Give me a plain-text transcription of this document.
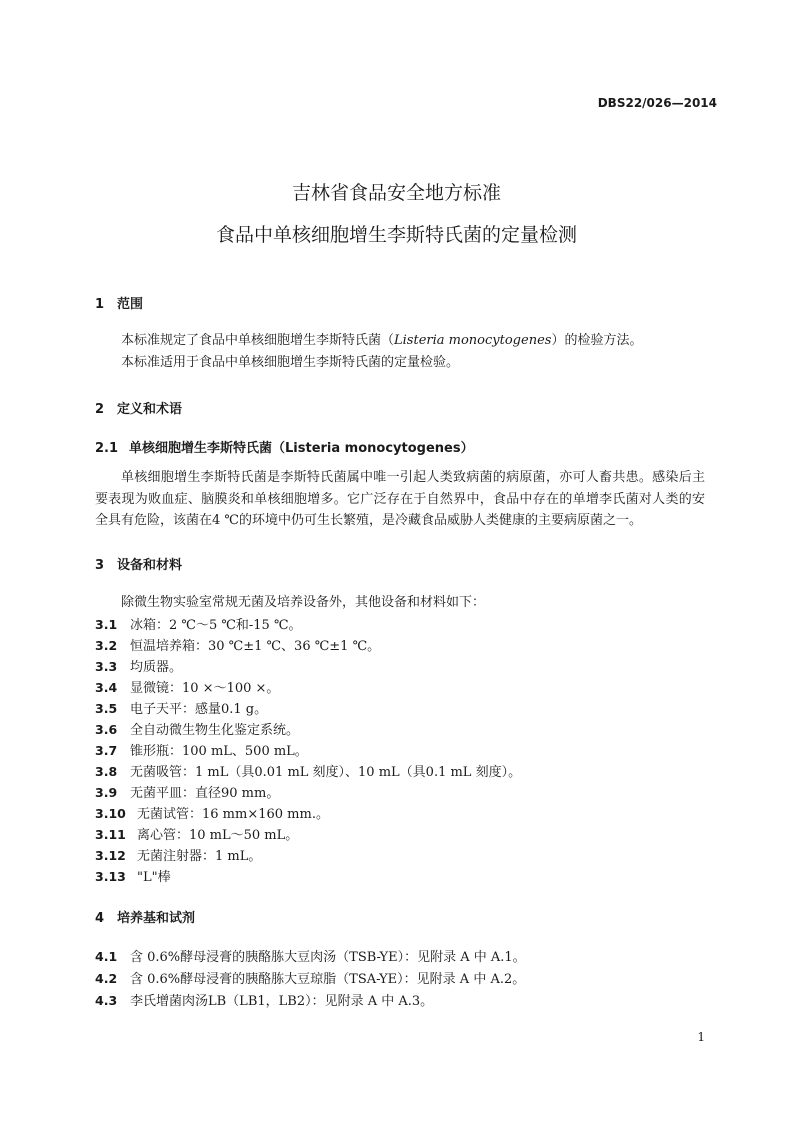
DBS22/026—2014
吉林省食品安全地方标准
食品中单核细胞增生李斯特氏菌的定量检测
1 范围
本标准规定了食品中单核细胞增生李斯特氏菌（Listeria monocytogenes）的检验方法。
本标准适用于食品中单核细胞增生李斯特氏菌的定量检验。
2 定义和术语
2.1 单核细胞增生李斯特氏菌（Listeria monocytogenes）
单核细胞增生李斯特氏菌是李斯特氏菌属中唯一引起人类致病菌的病原菌，亦可人畜共患。感染后主要表现为败血症、脑膜炎和单核细胞增多。它广泛存在于自然界中，食品中存在的单增李氏菌对人类的安全具有危险，该菌在4 ℃的环境中仍可生长繁殖，是冷藏食品威胁人类健康的主要病原菌之一。
3 设备和材料
除微生物实验室常规无菌及培养设备外，其他设备和材料如下：
3.1 冰箱：2 ℃～5 ℃和-15 ℃。
3.2 恒温培养箱：30 ℃±1 ℃、36 ℃±1 ℃。
3.3 均质器。
3.4 显微镜：10 ×～100 ×。
3.5 电子天平：感量0.1 g。
3.6 全自动微生物生化鉴定系统。
3.7 锥形瓶：100 mL、500 mL。
3.8 无菌吸管：1 mL（具0.01 mL 刻度）、10 mL（具0.1 mL 刻度）。
3.9 无菌平皿：直径90 mm。
3.10 无菌试管：16 mm×160 mm.。
3.11 离心管：10 mL～50 mL。
3.12 无菌注射器：1 mL。
3.13 "L"棒
4 培养基和试剂
4.1 含 0.6%酵母浸膏的胰酪胨大豆肉汤（TSB-YE）：见附录 A 中 A.1。
4.2 含 0.6%酵母浸膏的胰酪胨大豆琼脂（TSA-YE）：见附录 A 中 A.2。
4.3 李氏增菌肉汤LB（LB1，LB2）：见附录 A 中 A.3。
1
